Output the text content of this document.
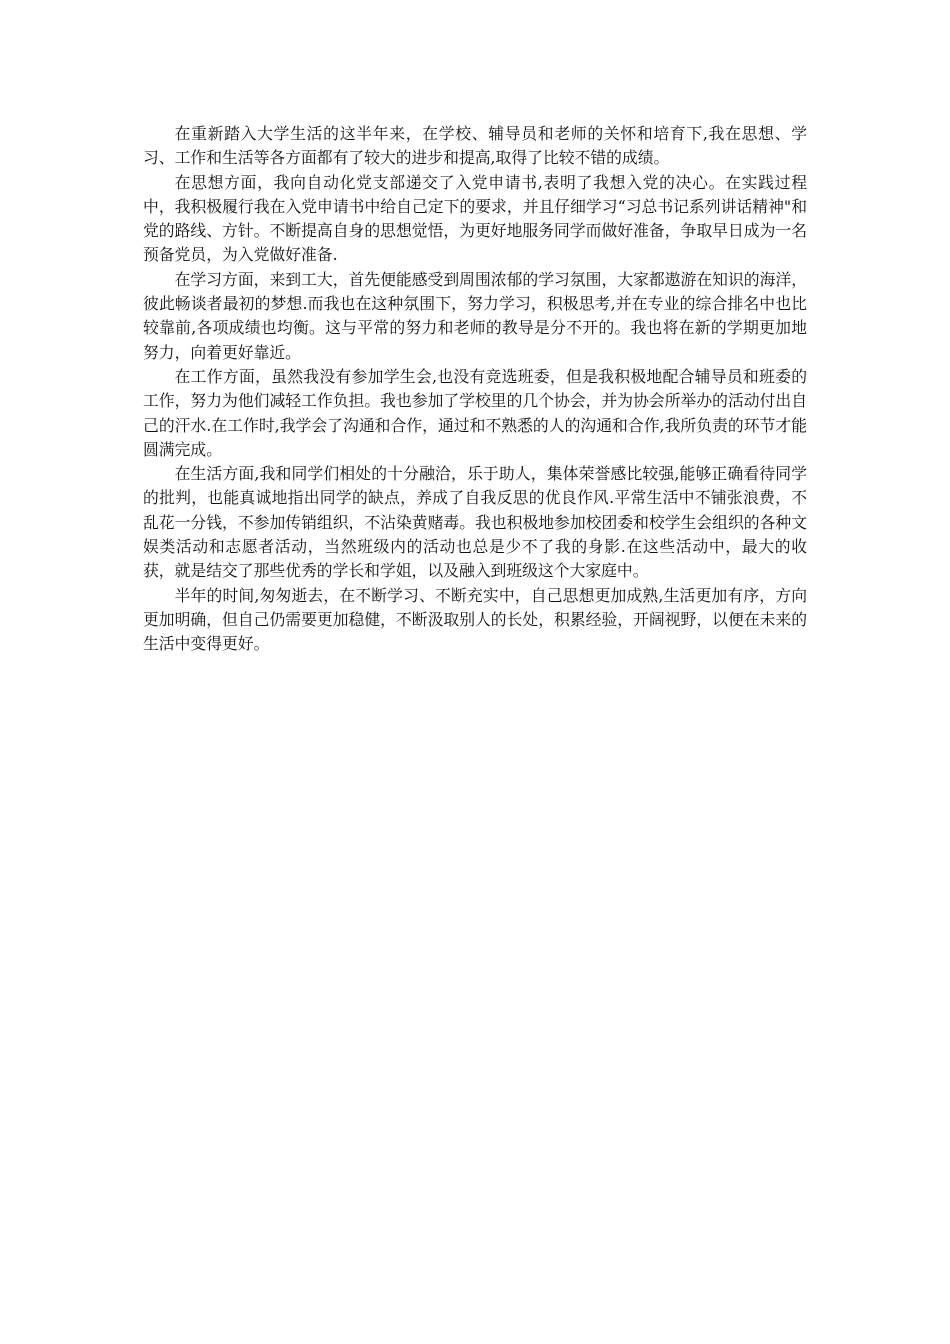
在重新踏入大学生活的这半年来，在学校、辅导员和老师的关怀和培育下,我在思想、学习、工作和生活等各方面都有了较大的进步和提高,取得了比较不错的成绩。

在思想方面，我向自动化党支部递交了入党申请书,表明了我想入党的决心。在实践过程中，我积极履行我在入党申请书中给自己定下的要求，并且仔细学习“习总书记系列讲话精神"和党的路线、方针。不断提高自身的思想觉悟，为更好地服务同学而做好准备，争取早日成为一名预备党员，为入党做好准备.

在学习方面，来到工大，首先便能感受到周围浓郁的学习氛围，大家都遨游在知识的海洋，彼此畅谈者最初的梦想.而我也在这种氛围下，努力学习，积极思考,并在专业的综合排名中也比较靠前,各项成绩也均衡。这与平常的努力和老师的教导是分不开的。我也将在新的学期更加地努力，向着更好靠近。

在工作方面，虽然我没有参加学生会,也没有竞选班委，但是我积极地配合辅导员和班委的工作，努力为他们减轻工作负担。我也参加了学校里的几个协会，并为协会所举办的活动付出自己的汗水.在工作时,我学会了沟通和合作，通过和不熟悉的人的沟通和合作,我所负责的环节才能圆满完成。

在生活方面,我和同学们相处的十分融洽，乐于助人，集体荣誉感比较强,能够正确看待同学的批判，也能真诚地指出同学的缺点，养成了自我反思的优良作风.平常生活中不铺张浪费，不乱花一分钱，不参加传销组织，不沾染黄赌毒。我也积极地参加校团委和校学生会组织的各种文娱类活动和志愿者活动，当然班级内的活动也总是少不了我的身影.在这些活动中，最大的收获，就是结交了那些优秀的学长和学姐，以及融入到班级这个大家庭中。

半年的时间,匆匆逝去，在不断学习、不断充实中，自己思想更加成熟,生活更加有序，方向更加明确，但自己仍需要更加稳健，不断汲取别人的长处，积累经验，开阔视野，以便在未来的生活中变得更好。
